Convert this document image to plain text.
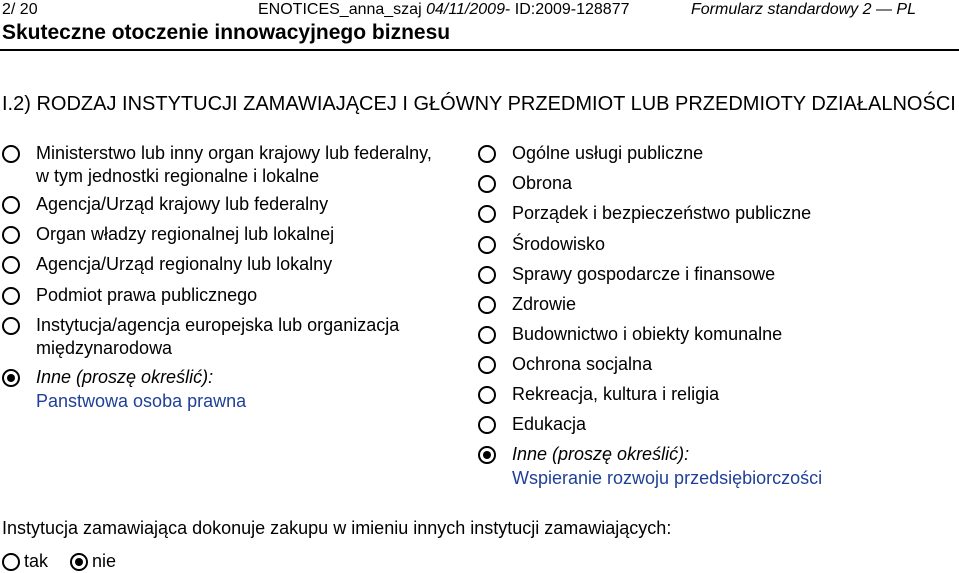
2/ 20	ENOTICES_anna_szaj 04/11/2009- ID:2009-128877	Formularz standardowy 2 — PL
Skuteczne otoczenie innowacyjnego biznesu
I.2) RODZAJ INSTYTUCJI ZAMAWIAJĄCEJ I GŁÓWNY PRZEDMIOT LUB PRZEDMIOTY DZIAŁALNOŚCI
Ministerstwo lub inny organ krajowy lub federalny,
w tym jednostki regionalne i lokalne
Agencja/Urząd krajowy lub federalny
Organ władzy regionalnej lub lokalnej
Agencja/Urząd regionalny lub lokalny
Podmiot prawa publicznego
Instytucja/agencja europejska lub organizacja
międzynarodowa
Inne (proszę określić):
Panstwowa osoba prawna
Ogólne usługi publiczne
Obrona
Porządek i bezpieczeństwo publiczne
Środowisko
Sprawy gospodarcze i finansowe
Zdrowie
Budownictwo i obiekty komunalne
Ochrona socjalna
Rekreacja, kultura i religia
Edukacja
Inne (proszę określić):
Wspieranie rozwoju przedsiębiorczości
Instytucja zamawiająca dokonuje zakupu w imieniu innych instytucji zamawiających:
tak nie
